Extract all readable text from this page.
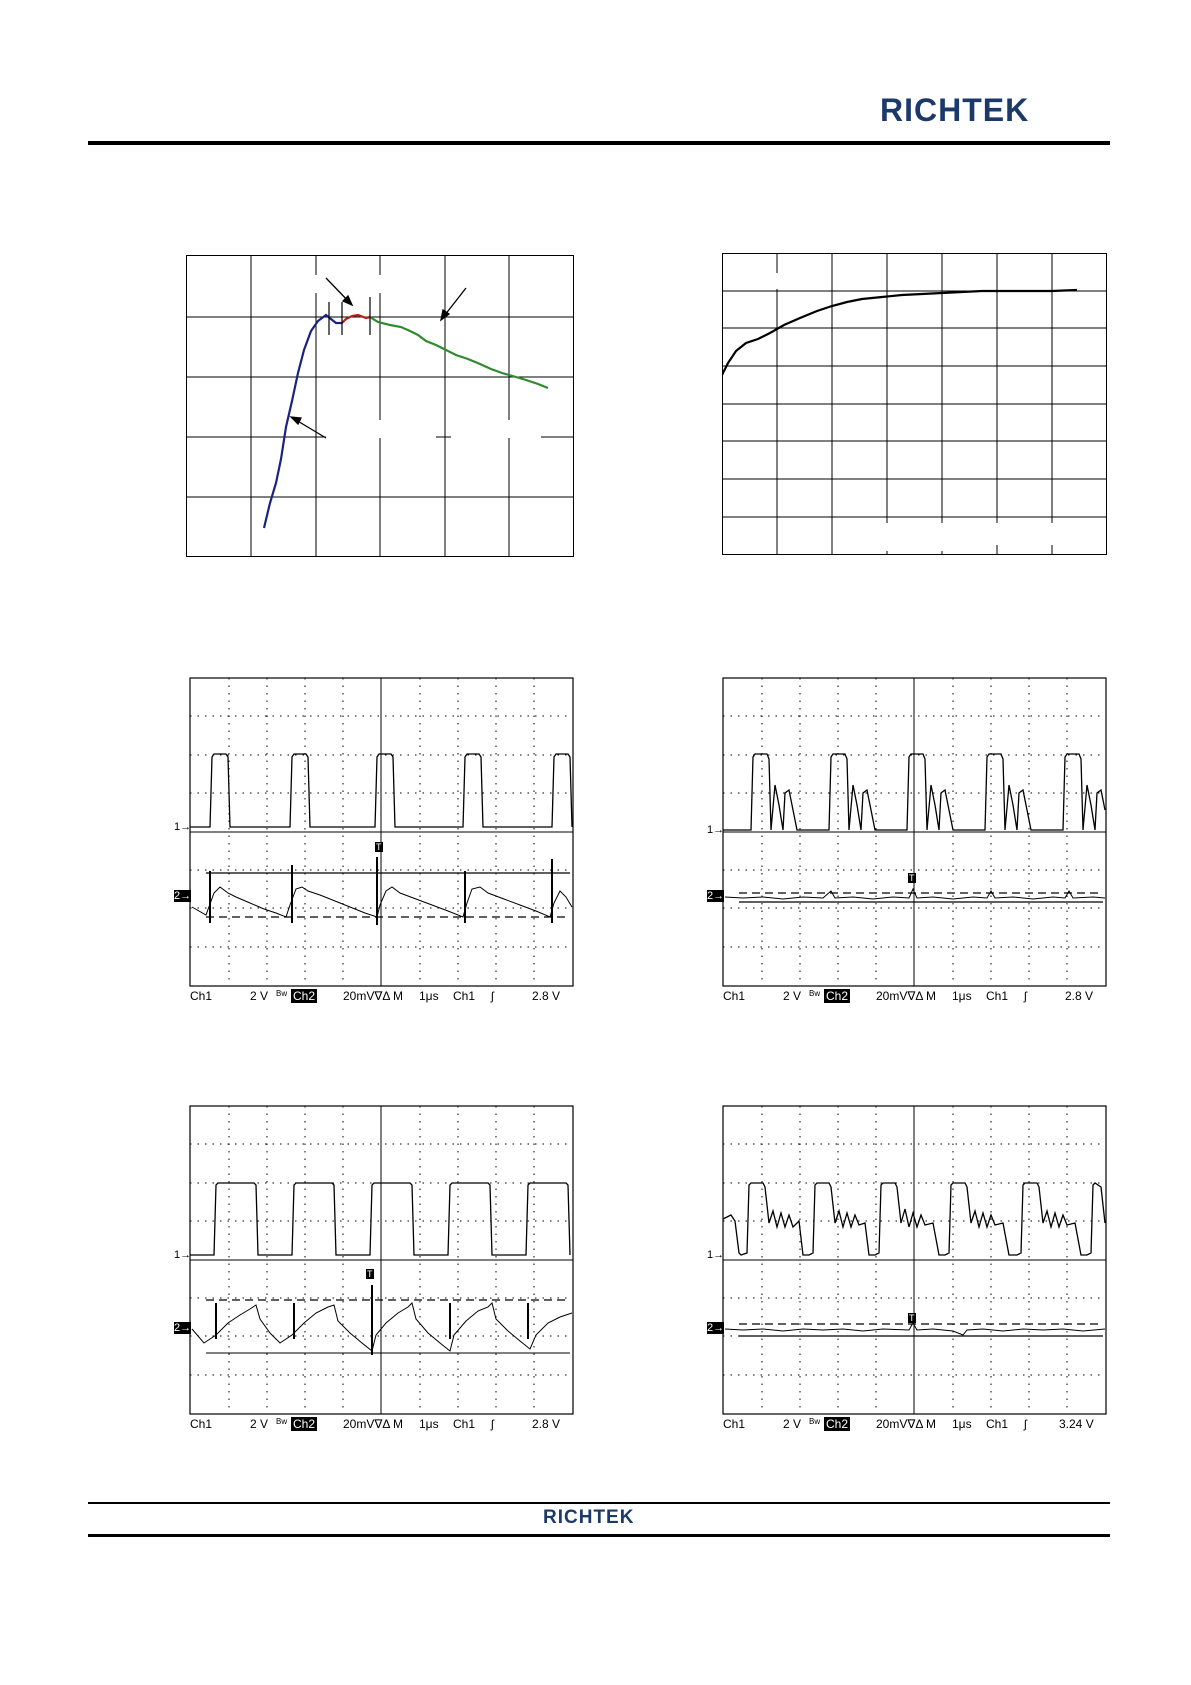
RICHTEK
1→
2→
T
Ch1	2 V Bᴡ Ch2 20mV∇Δ M 1μs Ch1 ʃ	2.8 V
1→
2→
T
Ch1	2 V Bᴡ Ch2 20mV∇Δ M 1μs Ch1 ʃ	2.8 V
1→
2→
T
Ch1	2 V Bᴡ Ch2 20mV∇Δ M 1μs Ch1 ʃ	2.8 V
1→
2→
T
Ch1	2 V Bᴡ Ch2 20mV∇Δ M 1μs Ch1 ʃ	3.24 V
RICHTEK
